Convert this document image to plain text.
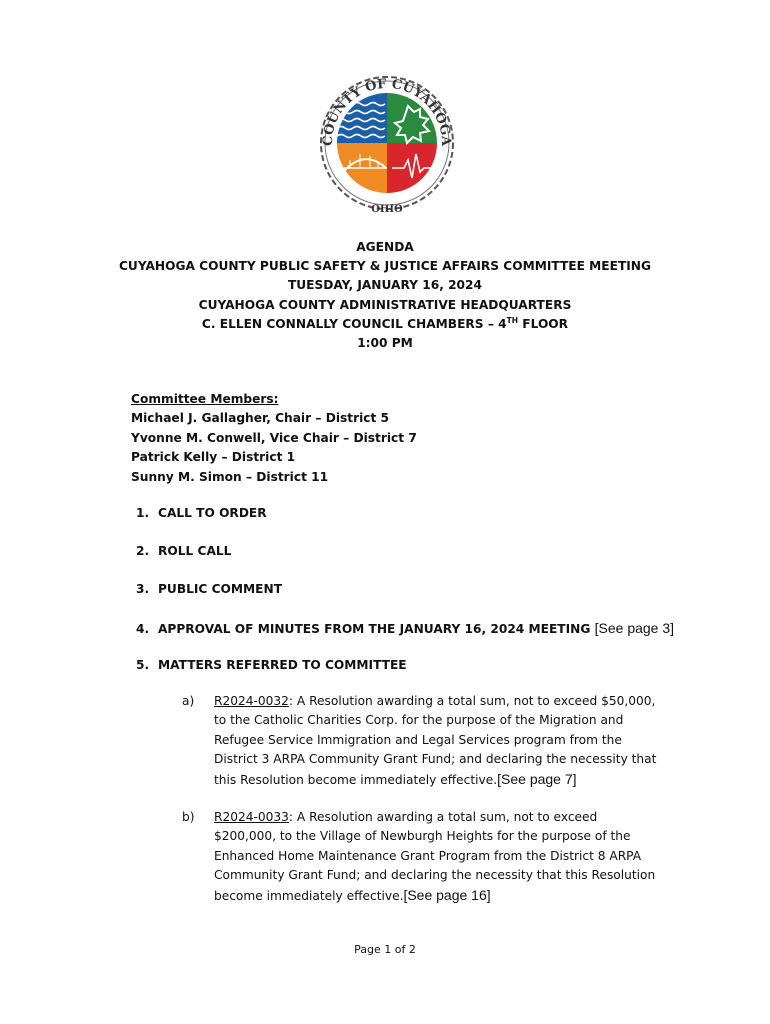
COUNTY OF CUYAHOGA
OHIO
AGENDA
CUYAHOGA COUNTY PUBLIC SAFETY & JUSTICE AFFAIRS COMMITTEE MEETING
TUESDAY, JANUARY 16, 2024
CUYAHOGA COUNTY ADMINISTRATIVE HEADQUARTERS
C. ELLEN CONNALLY COUNCIL CHAMBERS – 4TH FLOOR
1:00 PM
Committee Members:
Michael J. Gallagher, Chair – District 5
Yvonne M. Conwell, Vice Chair – District 7
Patrick Kelly – District 1
Sunny M. Simon – District 11
1. CALL TO ORDER
2. ROLL CALL
3. PUBLIC COMMENT
4. APPROVAL OF MINUTES FROM THE JANUARY 16, 2024 MEETING [See page 3]
5. MATTERS REFERRED TO COMMITTEE
a) R2024-0032: A Resolution awarding a total sum, not to exceed $50,000,
to the Catholic Charities Corp. for the purpose of the Migration and
Refugee Service Immigration and Legal Services program from the
District 3 ARPA Community Grant Fund; and declaring the necessity that
this Resolution become immediately effective.[See page 7]
b) R2024-0033: A Resolution awarding a total sum, not to exceed
$200,000, to the Village of Newburgh Heights for the purpose of the
Enhanced Home Maintenance Grant Program from the District 8 ARPA
Community Grant Fund; and declaring the necessity that this Resolution
become immediately effective.[See page 16]
Page 1 of 2
